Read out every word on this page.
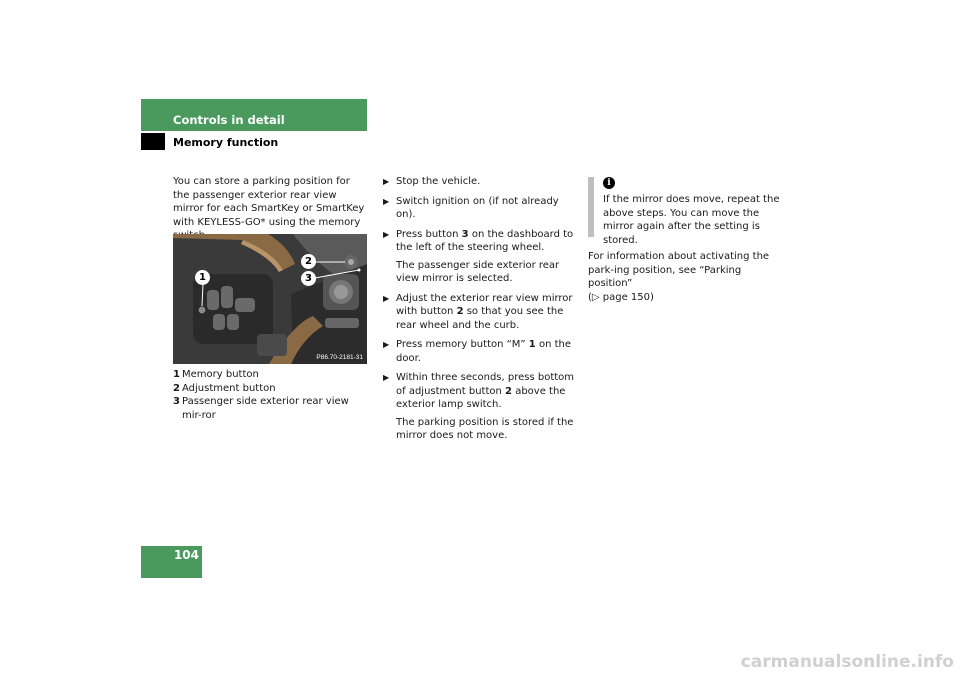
Controls in detail
Memory function
You can store a parking position for the passenger exterior rear view mirror for each SmartKey or SmartKey with KEYLESS-GO* using the memory
1
2
3
P86.70-2181-31
1 Memory button
2 Adjustment button
3 Passenger side exterior rear view mir-ror
▶ Stop the vehicle.
▶ Switch ignition on (if not already on).
▶ Press button 3 on the dashboard to the left of the steering wheel.
The passenger side exterior rear view mirror is selected.
▶ Adjust the exterior rear view mirror with button 2 so that you see the rear wheel and the curb.
▶ Press memory button “M” 1 on the door.
▶ Within three seconds, press bottom of adjustment button 2 above the exterior lamp switch.
The parking position is stored if the mirror does not move.
i
If the mirror does move, repeat the above steps. You can move the mirror again after the setting is stored.
For information about activating the park-ing position, see “Parking position”
(▷ page 150)
104
carmanualsonline.info
